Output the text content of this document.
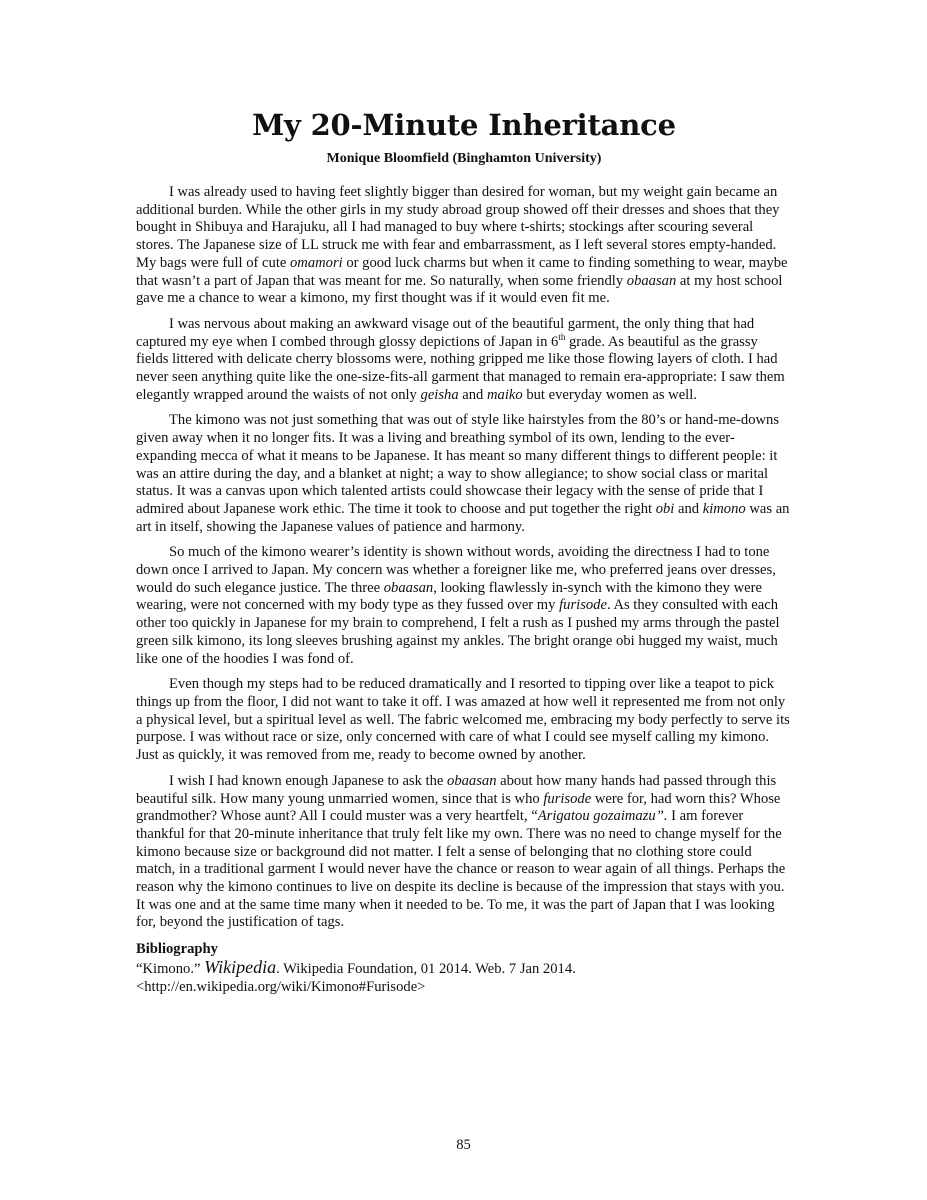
My 20-Minute Inheritance
Monique Bloomfield (Binghamton University)

I was already used to having feet slightly bigger than desired for woman, but my weight gain became an additional burden. While the other girls in my study abroad group showed off their dresses and shoes that they bought in Shibuya and Harajuku, all I had managed to buy where t-shirts; stockings after scouring several stores. The Japanese size of LL struck me with fear and embarrassment, as I left several stores empty-handed. My bags were full of cute omamori or good luck charms but when it came to finding something to wear, maybe that wasn’t a part of Japan that was meant for me. So naturally, when some friendly obaasan at my host school gave me a chance to wear a kimono, my first thought was if it would even fit me.

I was nervous about making an awkward visage out of the beautiful garment, the only thing that had captured my eye when I combed through glossy depictions of Japan in 6th grade. As beautiful as the grassy fields littered with delicate cherry blossoms were, nothing gripped me like those flowing layers of cloth. I had never seen anything quite like the one-size-fits-all garment that managed to remain era-appropriate: I saw them elegantly wrapped around the waists of not only geisha and maiko but everyday women as well.

The kimono was not just something that was out of style like hairstyles from the 80’s or hand-me-downs given away when it no longer fits. It was a living and breathing symbol of its own, lending to the ever-expanding mecca of what it means to be Japanese. It has meant so many different things to different people: it was an attire during the day, and a blanket at night; a way to show allegiance; to show social class or marital status. It was a canvas upon which talented artists could showcase their legacy with the sense of pride that I admired about Japanese work ethic. The time it took to choose and put together the right obi and kimono was an art in itself, showing the Japanese values of patience and harmony.

So much of the kimono wearer’s identity is shown without words, avoiding the directness I had to tone down once I arrived to Japan. My concern was whether a foreigner like me, who preferred jeans over dresses, would do such elegance justice. The three obaasan, looking flawlessly in-synch with the kimono they were wearing, were not concerned with my body type as they fussed over my furisode. As they consulted with each other too quickly in Japanese for my brain to comprehend, I felt a rush as I pushed my arms through the pastel green silk kimono, its long sleeves brushing against my ankles. The bright orange obi hugged my waist, much like one of the hoodies I was fond of.

Even though my steps had to be reduced dramatically and I resorted to tipping over like a teapot to pick things up from the floor, I did not want to take it off. I was amazed at how well it represented me from not only a physical level, but a spiritual level as well. The fabric welcomed me, embracing my body perfectly to serve its purpose. I was without race or size, only concerned with care of what I could see myself calling my kimono. Just as quickly, it was removed from me, ready to become owned by another.

I wish I had known enough Japanese to ask the obaasan about how many hands had passed through this beautiful silk. How many young unmarried women, since that is who furisode were for, had worn this? Whose grandmother? Whose aunt? All I could muster was a very heartfelt, “Arigatou gozaimazu”. I am forever thankful for that 20-minute inheritance that truly felt like my own. There was no need to change myself for the kimono because size or background did not matter. I felt a sense of belonging that no clothing store could match, in a traditional garment I would never have the chance or reason to wear again of all things. Perhaps the reason why the kimono continues to live on despite its decline is because of the impression that stays with you. It was one and at the same time many when it needed to be. To me, it was the part of Japan that I was looking for, beyond the justification of tags.

Bibliography

“Kimono.” Wikipedia. Wikipedia Foundation, 01 2014. Web. 7 Jan 2014.

<http://en.wikipedia.org/wiki/Kimono#Furisode>

85
